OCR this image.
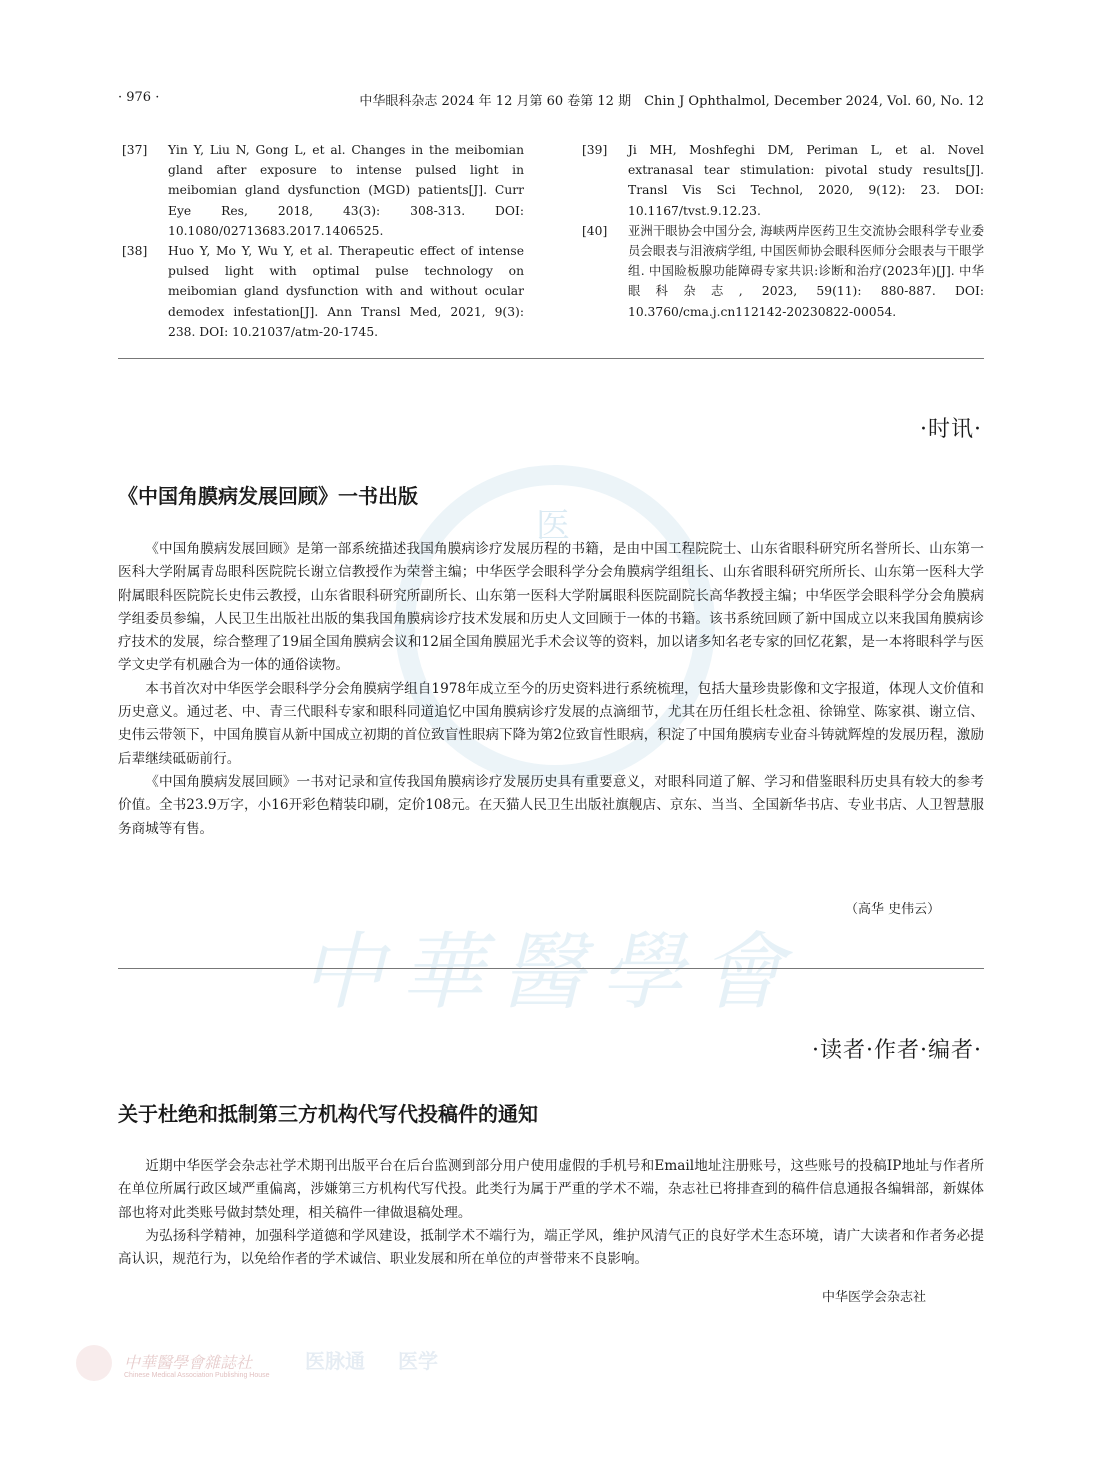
医
中華醫學會
· 976 ·	中华眼科杂志 2024 年 12 月第 60 卷第 12 期　Chin J Ophthalmol, December 2024, Vol. 60, No. 12
[37]	Yin Y, Liu N, Gong L, et al. Changes in the meibomian gland after exposure to intense pulsed light in meibomian gland dysfunction (MGD) patients[J]. Curr Eye Res, 2018, 43(3): 308-313. DOI: 10.1080/02713683.2017.1406525.
[38]	Huo Y, Mo Y, Wu Y, et al. Therapeutic effect of intense pulsed light with optimal pulse technology on meibomian gland dysfunction with and without ocular demodex infestation[J]. Ann Transl Med, 2021, 9(3): 238. DOI: 10.21037/atm-20-1745.
[39]	Ji MH, Moshfeghi DM, Periman L, et al. Novel extranasal tear stimulation: pivotal study results[J]. Transl Vis Sci Technol, 2020, 9(12): 23. DOI: 10.1167/tvst.9.12.23.
[40]	亚洲干眼协会中国分会, 海峡两岸医药卫生交流协会眼科学专业委员会眼表与泪液病学组, 中国医师协会眼科医师分会眼表与干眼学组. 中国睑板腺功能障碍专家共识:诊断和治疗(2023年)[J]. 中华眼科杂志, 2023, 59(11): 880-887. DOI: 10.3760/cma.j.cn112142-20230822-00054.
·时讯·
《中国角膜病发展回顾》一书出版

《中国角膜病发展回顾》是第一部系统描述我国角膜病诊疗发展历程的书籍，是由中国工程院院士、山东省眼科研究所名誉所长、山东第一医科大学附属青岛眼科医院院长谢立信教授作为荣誉主编；中华医学会眼科学分会角膜病学组组长、山东省眼科研究所所长、山东第一医科大学附属眼科医院院长史伟云教授，山东省眼科研究所副所长、山东第一医科大学附属眼科医院副院长高华教授主编；中华医学会眼科学分会角膜病学组委员参编，人民卫生出版社出版的集我国角膜病诊疗技术发展和历史人文回顾于一体的书籍。该书系统回顾了新中国成立以来我国角膜病诊疗技术的发展，综合整理了19届全国角膜病会议和12届全国角膜屈光手术会议等的资料，加以诸多知名老专家的回忆花絮，是一本将眼科学与医学文史学有机融合为一体的通俗读物。

本书首次对中华医学会眼科学分会角膜病学组自1978年成立至今的历史资料进行系统梳理，包括大量珍贵影像和文字报道，体现人文价值和历史意义。通过老、中、青三代眼科专家和眼科同道追忆中国角膜病诊疗发展的点滴细节，尤其在历任组长杜念祖、徐锦堂、陈家祺、谢立信、史伟云带领下，中国角膜盲从新中国成立初期的首位致盲性眼病下降为第2位致盲性眼病，积淀了中国角膜病专业奋斗铸就辉煌的发展历程，激励后辈继续砥砺前行。

《中国角膜病发展回顾》一书对记录和宣传我国角膜病诊疗发展历史具有重要意义，对眼科同道了解、学习和借鉴眼科历史具有较大的参考价值。全书23.9万字，小16开彩色精装印刷，定价108元。在天猫人民卫生出版社旗舰店、京东、当当、全国新华书店、专业书店、人卫智慧服务商城等有售。

（高华 史伟云）
·读者·作者·编者·
关于杜绝和抵制第三方机构代写代投稿件的通知

近期中华医学会杂志社学术期刊出版平台在后台监测到部分用户使用虚假的手机号和Email地址注册账号，这些账号的投稿IP地址与作者所在单位所属行政区域严重偏离，涉嫌第三方机构代写代投。此类行为属于严重的学术不端，杂志社已将排查到的稿件信息通报各编辑部，新媒体部也将对此类账号做封禁处理，相关稿件一律做退稿处理。

为弘扬科学精神，加强科学道德和学风建设，抵制学术不端行为，端正学风，维护风清气正的良好学术生态环境，请广大读者和作者务必提高认识，规范行为，以免给作者的学术诚信、职业发展和所在单位的声誉带来不良影响。

中华医学会杂志社
中華醫學會雜誌社
Chinese Medical Association Publishing House
医脉通 医学
